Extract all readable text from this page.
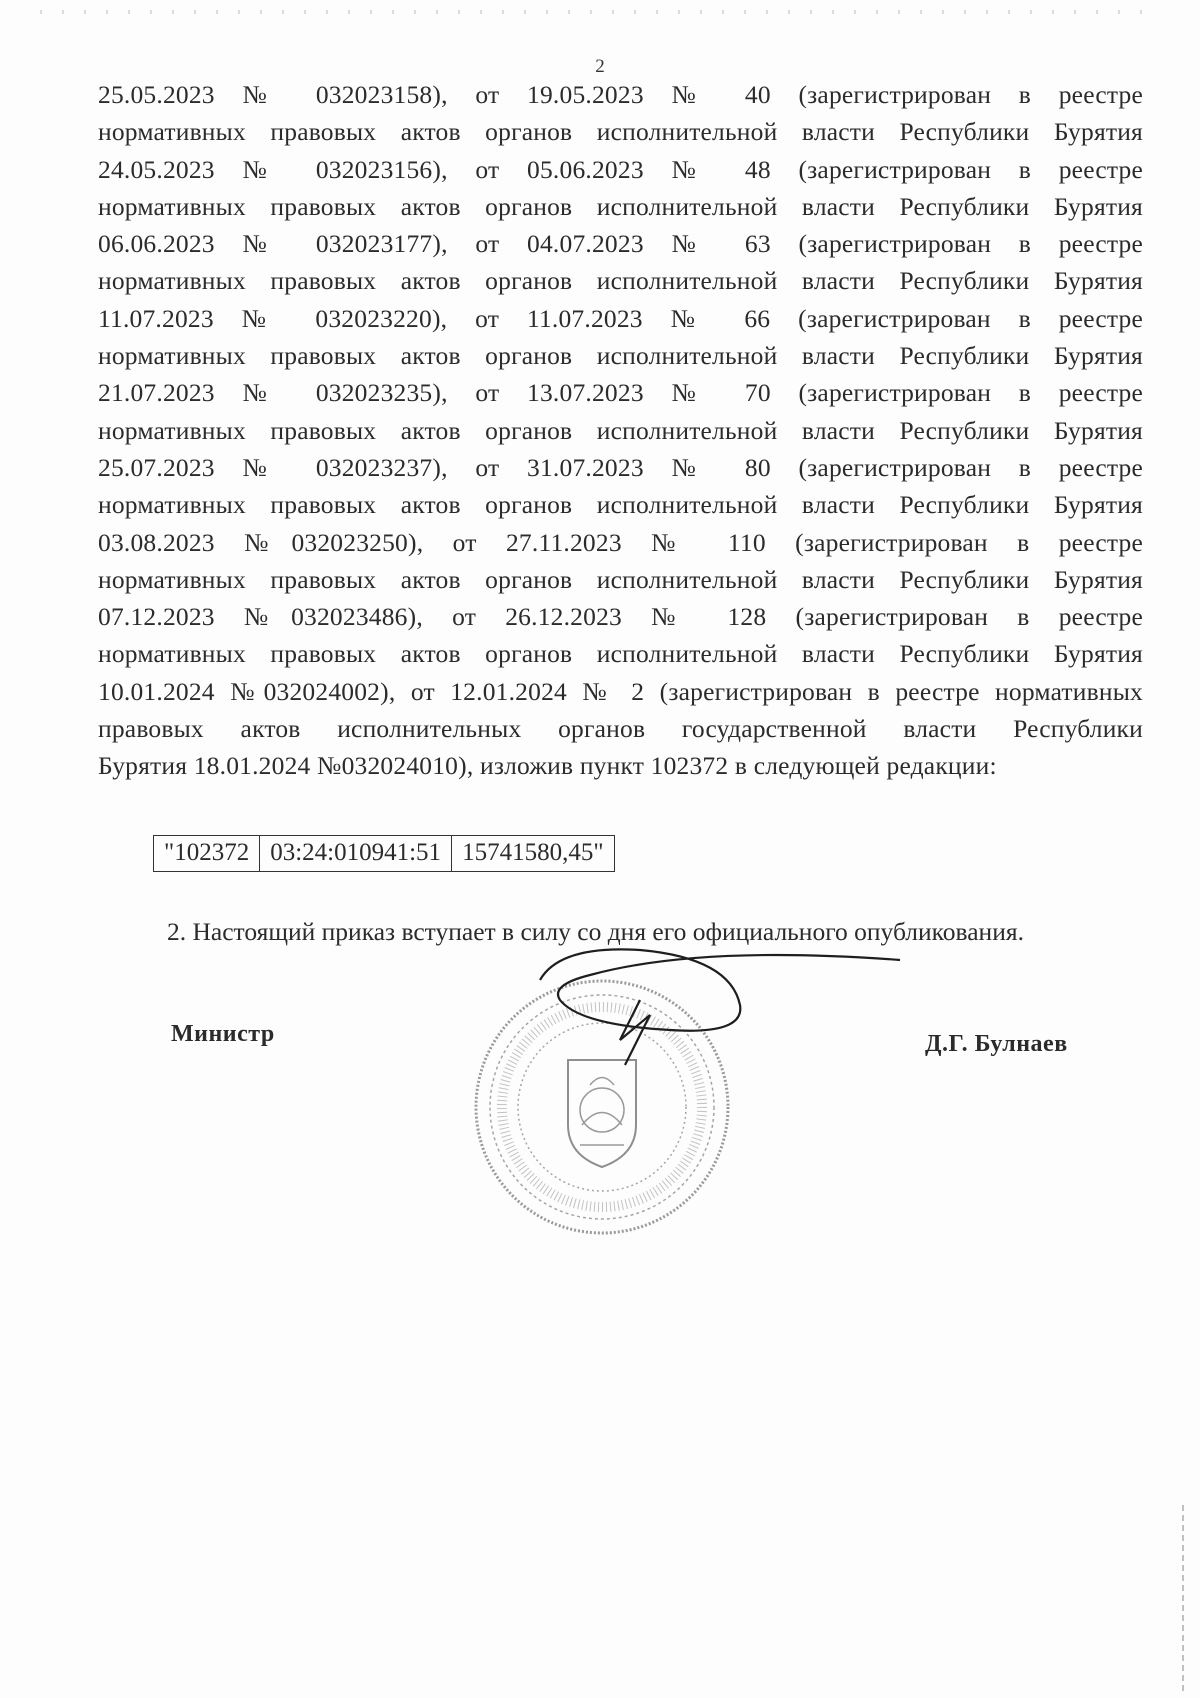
2
25.05.2023 № 032023158), от 19.05.2023 № 40 (зарегистрирован в реестре
нормативных правовых актов органов исполнительной власти Республики Бурятия
24.05.2023 № 032023156), от 05.06.2023 № 48 (зарегистрирован в реестре
нормативных правовых актов органов исполнительной власти Республики Бурятия
06.06.2023 № 032023177), от 04.07.2023 № 63 (зарегистрирован в реестре
нормативных правовых актов органов исполнительной власти Республики Бурятия
11.07.2023 № 032023220), от 11.07.2023 № 66 (зарегистрирован в реестре
нормативных правовых актов органов исполнительной власти Республики Бурятия
21.07.2023 № 032023235), от 13.07.2023 № 70 (зарегистрирован в реестре
нормативных правовых актов органов исполнительной власти Республики Бурятия
25.07.2023 № 032023237), от 31.07.2023 № 80 (зарегистрирован в реестре
нормативных правовых актов органов исполнительной власти Республики Бурятия
03.08.2023 №032023250), от 27.11.2023 № 110 (зарегистрирован в реестре
нормативных правовых актов органов исполнительной власти Республики Бурятия
07.12.2023 №032023486), от 26.12.2023 № 128 (зарегистрирован в реестре
нормативных правовых актов органов исполнительной власти Республики Бурятия
10.01.2024 №032024002), от 12.01.2024 № 2 (зарегистрирован в реестре нормативных
правовых актов исполнительных органов государственной власти Республики
Бурятия 18.01.2024 №032024010), изложив пункт 102372 в следующей редакции:
"102372	03:24:010941:51	15741580,45"
2. Настоящий приказ вступает в силу со дня его официального опубликования.
Министр	Д.Г. Булнаев
